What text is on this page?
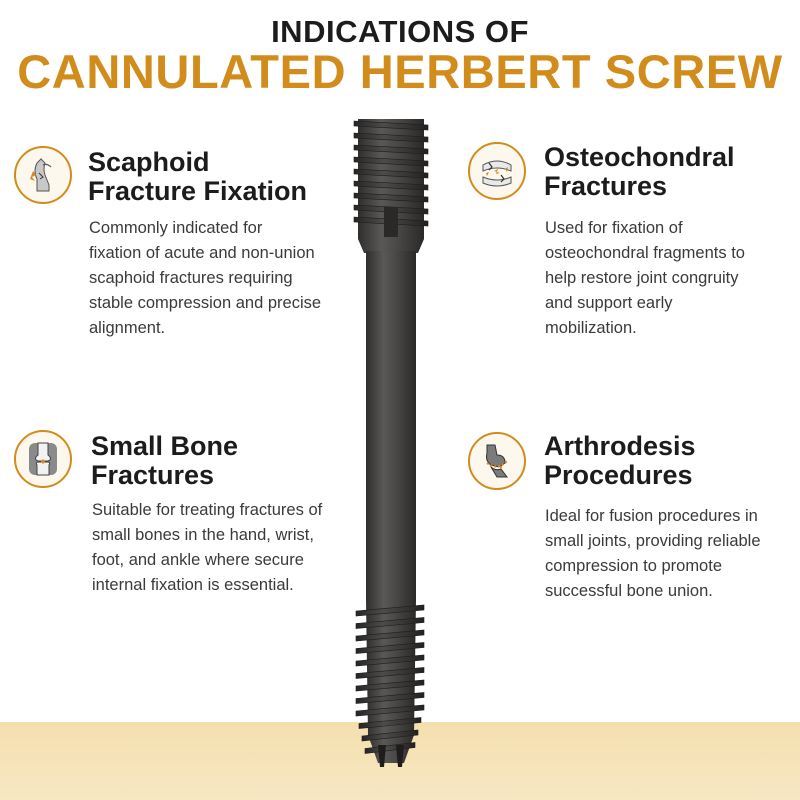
INDICATIONS OF
CANNULATED HERBERT SCREW
Scaphoid
Fracture Fixation
Commonly indicated for
fixation of acute and non-union
scaphoid fractures requiring
stable compression and precise
alignment.
Osteochondral
Fractures
Used for fixation of
osteochondral fragments to
help restore joint congruity
and support early
mobilization.
Small Bone
Fractures
Suitable for treating fractures of
small bones in the hand, wrist,
foot, and ankle where secure
internal fixation is essential.
Arthrodesis
Procedures
Ideal for fusion procedures in
small joints, providing reliable
compression to promote
successful bone union.
